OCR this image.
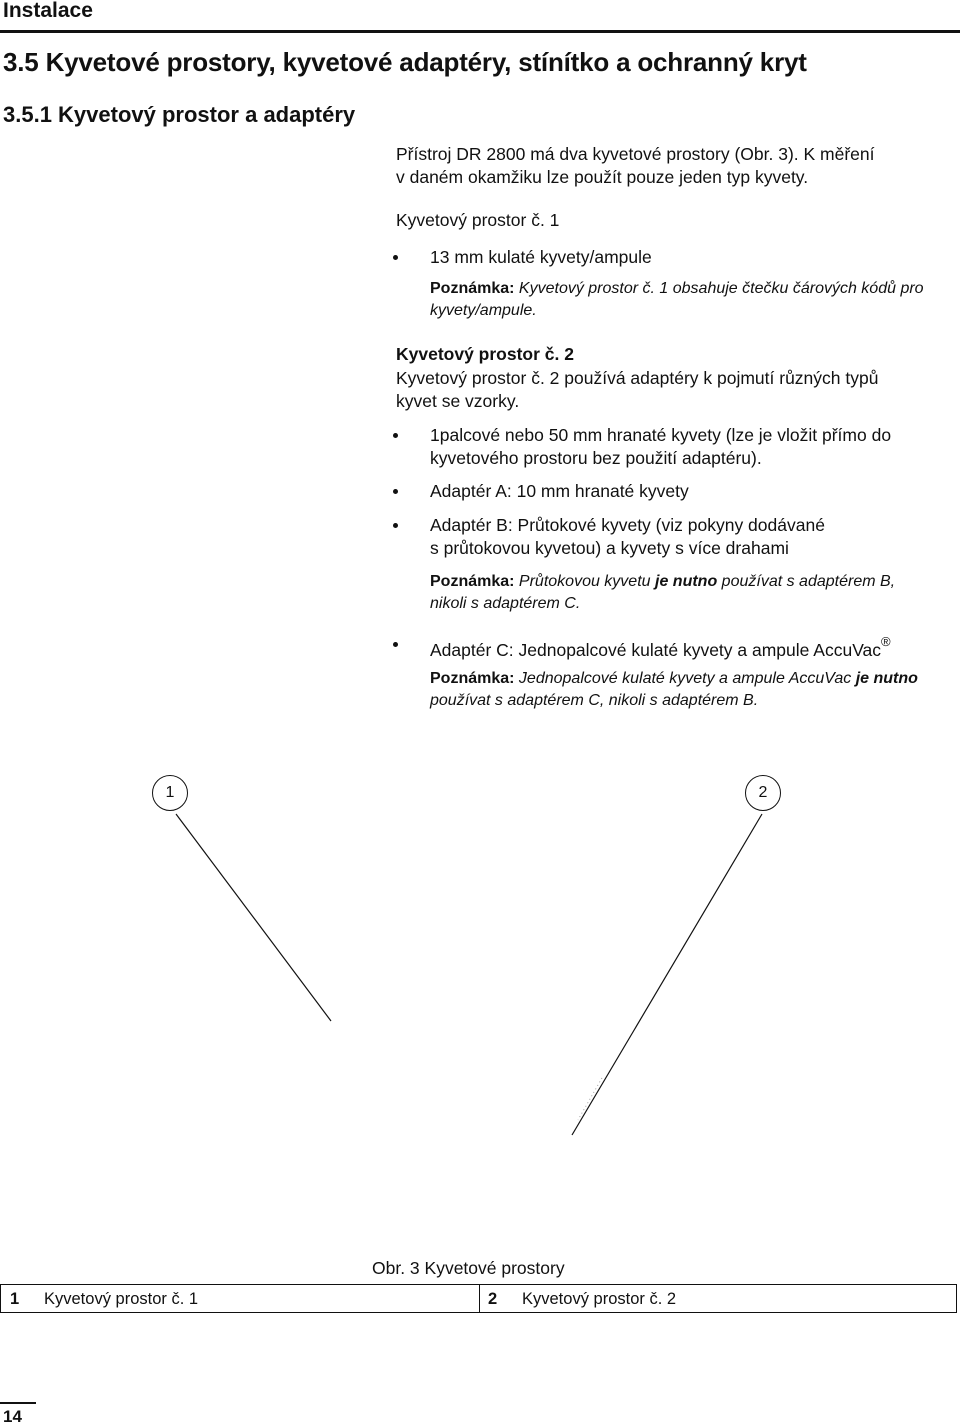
Instalace
3.5 Kyvetové prostory, kyvetové adaptéry, stínítko a ochranný kryt
3.5.1 Kyvetový prostor a adaptéry

Přístroj DR 2800 má dva kyvetové prostory (Obr. 3). K měření

v daném okamžiku lze použít pouze jeden typ kyvety.

Kyvetový prostor č. 1

13 mm kulaté kyvety/ampule

Poznámka: Kyvetový prostor č. 1 obsahuje čtečku čárových kódů pro

kyvety/ampule.

Kyvetový prostor č. 2

Kyvetový prostor č. 2 používá adaptéry k pojmutí různých typů

kyvet se vzorky.

1palcové nebo 50 mm hranaté kyvety (lze je vložit přímo do

kyvetového prostoru bez použití adaptéru).

Adaptér A: 10 mm hranaté kyvety

Adaptér B: Průtokové kyvety (viz pokyny dodávané

s průtokovou kyvetou) a kyvety s více drahami

Poznámka: Průtokovou kyvetu je nutno používat s adaptérem B,

nikoli s adaptérem C.

Adaptér C: Jednopalcové kulaté kyvety a ampule AccuVac®

Poznámka: Jednopalcové kulaté kyvety a ampule AccuVac je nutno

používat s adaptérem C, nikoli s adaptérem B.

1	2

Obr. 3 Kyvetové prostory

1 Kyvetový prostor č. 1	2 Kyvetový prostor č. 2
14
